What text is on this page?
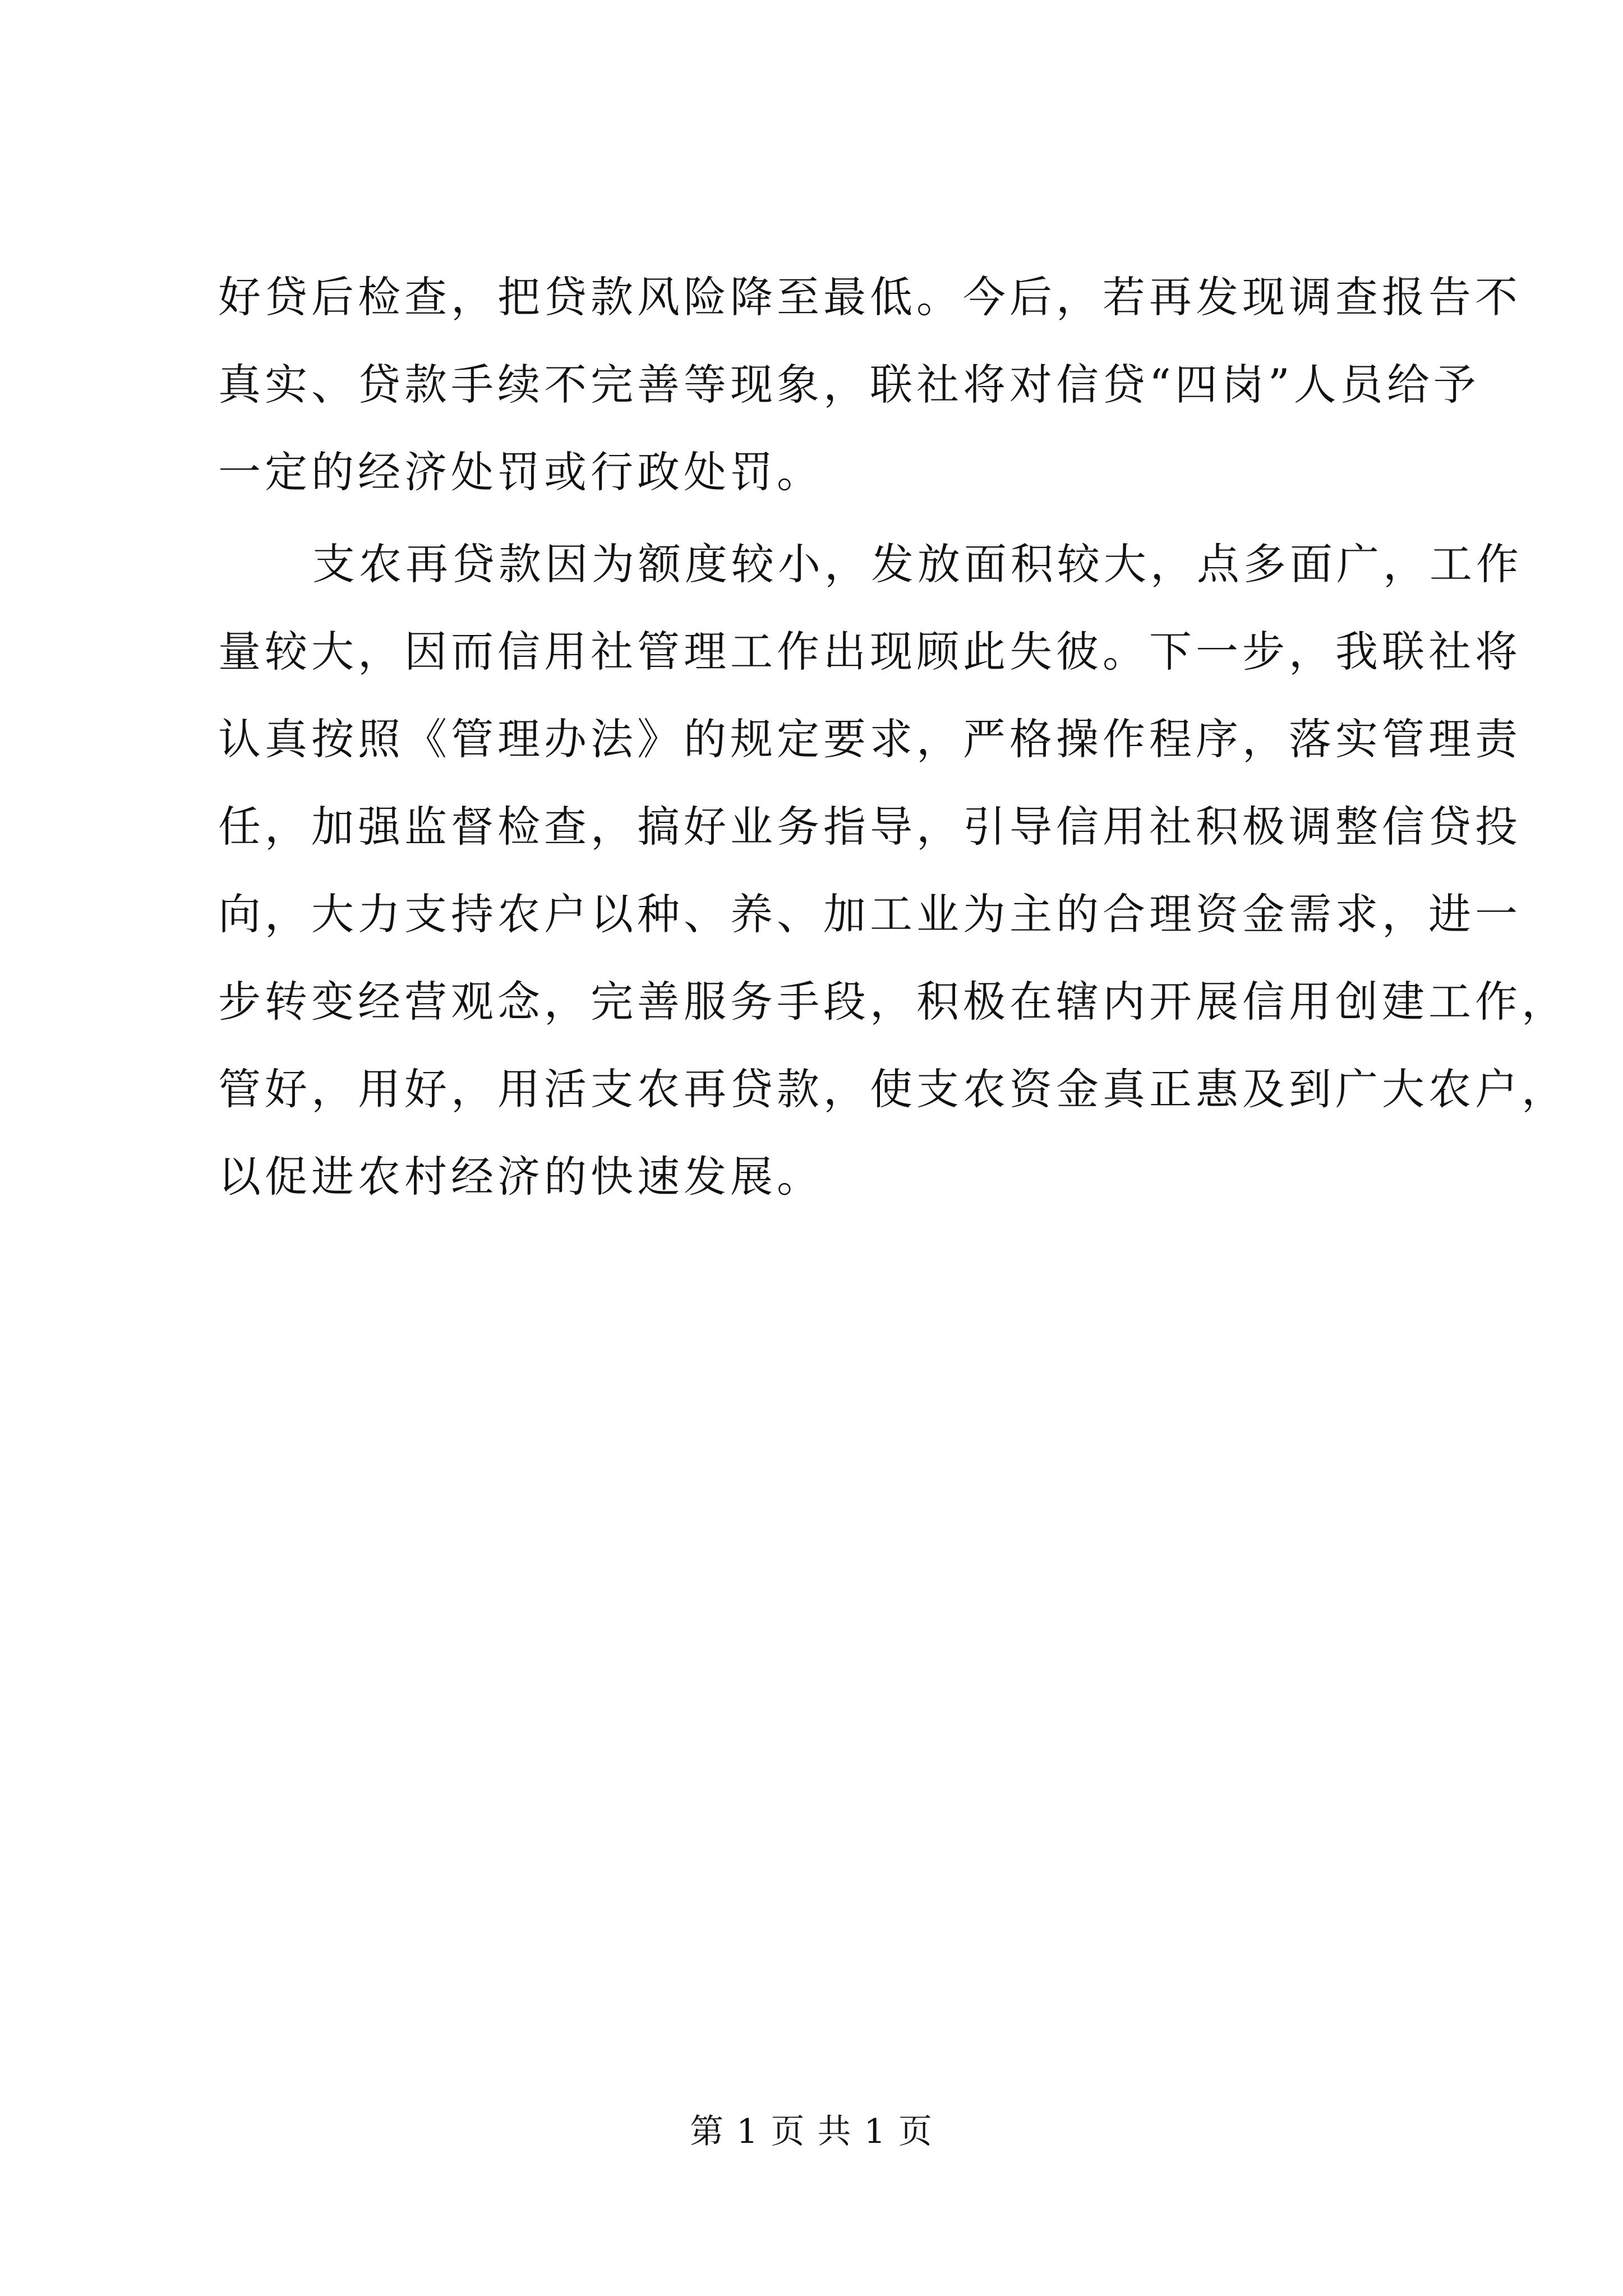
好贷后检查，把贷款风险降至最低。今后，若再发现调查报告不
真实、贷款手续不完善等现象，联社将对信贷“四岗”人员给予
一定的经济处罚或行政处罚。
支农再贷款因为额度较小，发放面积较大，点多面广，工作
量较大，因而信用社管理工作出现顾此失彼。下一步，我联社将
认真按照《管理办法》的规定要求，严格操作程序，落实管理责
任，加强监督检查，搞好业务指导，引导信用社积极调整信贷投
向，大力支持农户以种、养、加工业为主的合理资金需求，进一
步转变经营观念，完善服务手段，积极在辖内开展信用创建工作，
管好，用好，用活支农再贷款，使支农资金真正惠及到广大农户，
以促进农村经济的快速发展。
第 1 页 共 1 页
